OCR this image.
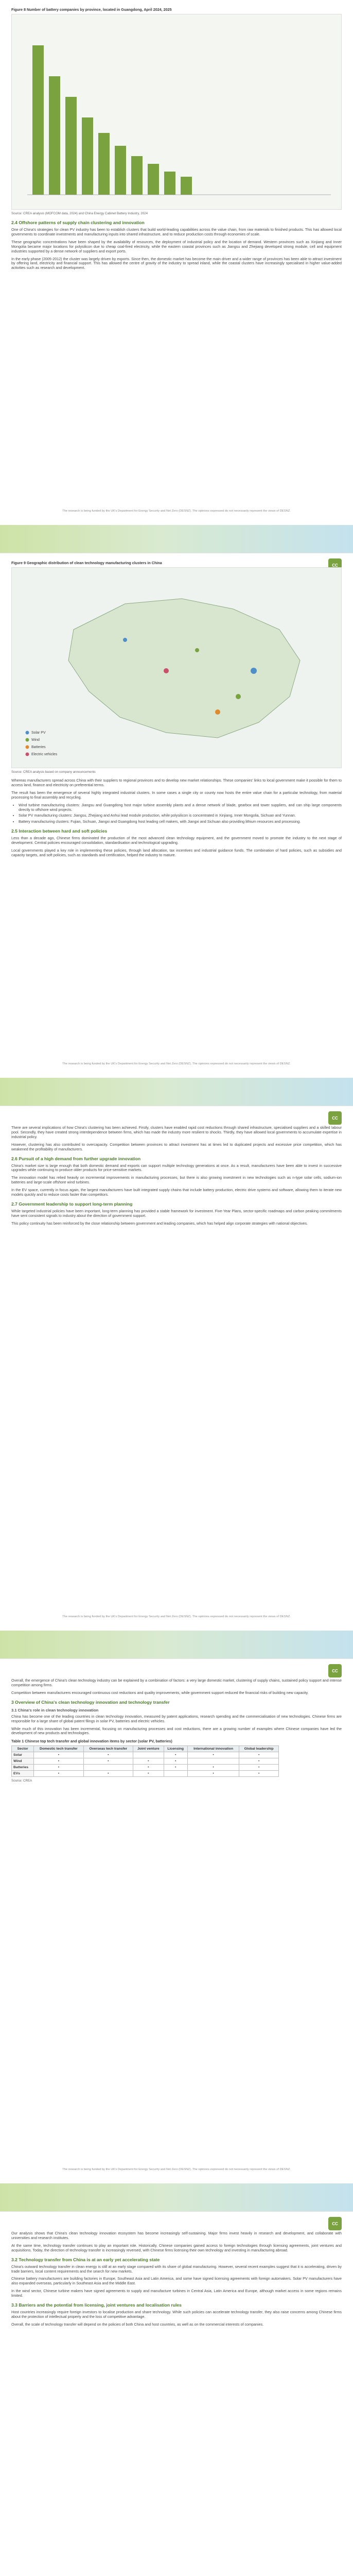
Figure 8 Number of battery companies by province, located in Guangdong, April 2024, 2025
Source: CREA analysis (MOFCOM data, 2024) and China Energy Cabinet Battery Industry, 2024
2.4 Offshore patterns of supply chain clustering and innovation

One of China's strategies for clean PV industry has been to establish clusters that build world-leading capabilities across the value chain, from raw materials to finished products. This has allowed local governments to coordinate investments and manufacturing inputs into shared infrastructure, and to reduce production costs through economies of scale.

These geographic concentrations have been shaped by the availability of resources, the deployment of industrial policy and the location of demand. Western provinces such as Xinjiang and Inner Mongolia became major locations for polysilicon due to cheap coal-fired electricity, while the eastern coastal provinces such as Jiangsu and Zhejiang developed strong module, cell and equipment industries supported by a dense network of suppliers and export ports.

In the early phase (2005-2012) the cluster was largely driven by exports. Since then, the domestic market has become the main driver and a wider range of provinces has been able to attract investment by offering land, electricity and financial support. This has allowed the centre of gravity of the industry to spread inland, while the coastal clusters have increasingly specialised in higher value-added activities such as research and development.

The research is being funded by the UK's Department for Energy Security and Net Zero (DESNZ). The opinions expressed do not necessarily represent the views of DESNZ.
CC
Figure 9 Geographic distribution of clean technology manufacturing clusters in China
Solar PV
Wind
Batteries
Electric vehicles
Source: CREA analysis based on company announcements

Whereas manufacturers spread across China with their suppliers to regional provinces and to develop new market relationships. These companies' links to local government make it possible for them to access land, finance and electricity on preferential terms.

The result has been the emergence of several highly integrated industrial clusters. In some cases a single city or county now hosts the entire value chain for a particular technology, from material processing to final assembly and recycling.

• Wind turbine manufacturing clusters: Jiangsu and Guangdong host major turbine assembly plants and a dense network of blade, gearbox and tower suppliers, and can ship large components directly to offshore wind projects.
• Solar PV manufacturing clusters: Jiangsu, Zhejiang and Anhui lead module production, while polysilicon is concentrated in Xinjiang, Inner Mongolia, Sichuan and Yunnan.
• Battery manufacturing clusters: Fujian, Sichuan, Jiangxi and Guangdong host leading cell makers, with Jiangxi and Sichuan also providing lithium resources and processing.
2.5 Interaction between hard and soft policies

Less than a decade ago, Chinese firms dominated the production of the most advanced clean technology equipment, and the government moved to promote the industry to the next stage of development. Central policies encouraged consolidation, standardisation and technological upgrading.

Local governments played a key role in implementing these policies, through land allocation, tax incentives and industrial guidance funds. The combination of hard policies, such as subsidies and capacity targets, and soft policies, such as standards and certification, helped the industry to mature.

The research is being funded by the UK's Department for Energy Security and Net Zero (DESNZ). The opinions expressed do not necessarily represent the views of DESNZ.
CC

There are several implications of how China's clustering has been achieved. Firstly, clusters have enabled rapid cost reductions through shared infrastructure, specialised suppliers and a skilled labour pool. Secondly, they have created strong interdependence between firms, which has made the industry more resilient to shocks. Thirdly, they have allowed local governments to accumulate expertise in industrial policy.

However, clustering has also contributed to overcapacity. Competition between provinces to attract investment has at times led to duplicated projects and excessive price competition, which has weakened the profitability of manufacturers.

2.6 Pursuit of a high demand from further upgrade innovation

China's market size is large enough that both domestic demand and exports can support multiple technology generations at once. As a result, manufacturers have been able to invest in successive upgrades while continuing to produce older products for price-sensitive markets.

The innovation model has relied heavily on incremental improvements in manufacturing processes, but there is also growing investment in new technologies such as n-type solar cells, sodium-ion batteries and large-scale offshore wind turbines.

In the EV space, currently in focus again, the largest manufacturers have built integrated supply chains that include battery production, electric drive systems and software, allowing them to iterate new models quickly and to reduce costs faster than competitors.

2.7 Government leadership to support long-term planning

While targeted industrial policies have been important, long-term planning has provided a stable framework for investment. Five-Year Plans, sector-specific roadmaps and carbon peaking commitments have sent consistent signals to industry about the direction of government support.

This policy continuity has been reinforced by the close relationship between government and leading companies, which has helped align corporate strategies with national objectives.

The research is being funded by the UK's Department for Energy Security and Net Zero (DESNZ). The opinions expressed do not necessarily represent the views of DESNZ.
CC

Overall, the emergence of China's clean technology industry can be explained by a combination of factors: a very large domestic market, clustering of supply chains, sustained policy support and intense competition among firms.

Competition between manufacturers encouraged continuous cost reductions and quality improvements, while government support reduced the financial risks of building new capacity.

3 Overview of China's clean technology innovation and technology transfer
3.1 China's role in clean technology innovation

China has become one of the leading countries in clean technology innovation, measured by patent applications, research spending and the commercialisation of new technologies. Chinese firms are responsible for a large share of global patent filings in solar PV, batteries and electric vehicles.

While much of this innovation has been incremental, focusing on manufacturing processes and cost reductions, there are a growing number of examples where Chinese companies have led the development of new products and technologies.

Table 1 Chinese top tech transfer and global innovation items by sector (solar PV, batteries)
Sector	Domestic tech transfer	Overseas tech transfer	Joint venture	Licensing	International innovation	Global leadership
Solar	•	•		•	•	•
Wind	•	•	•	•		•
Batteries	•		•	•	•	•
EVs	•	•	•		•	•
Source: CREA
The research is being funded by the UK's Department for Energy Security and Net Zero (DESNZ). The opinions expressed do not necessarily represent the views of DESNZ.
CC

Our analysis shows that China's clean technology innovation ecosystem has become increasingly self-sustaining. Major firms invest heavily in research and development, and collaborate with universities and research institutes.

At the same time, technology transfer continues to play an important role. Historically, Chinese companies gained access to foreign technologies through licensing agreements, joint ventures and acquisitions. Today, the direction of technology transfer is increasingly reversed, with Chinese firms licensing their own technology and investing in manufacturing abroad.

3.2 Technology transfer from China is at an early yet accelerating state

China's outward technology transfer in clean energy is still at an early stage compared with its share of global manufacturing. However, several recent examples suggest that it is accelerating, driven by trade barriers, local content requirements and the search for new markets.

Chinese battery manufacturers are building factories in Europe, Southeast Asia and Latin America, and some have signed licensing agreements with foreign automakers. Solar PV manufacturers have also expanded overseas, particularly in Southeast Asia and the Middle East.

In the wind sector, Chinese turbine makers have signed agreements to supply and manufacture turbines in Central Asia, Latin America and Europe, although market access in some regions remains limited.

3.3 Barriers and the potential from licensing, joint ventures and localisation rules

Host countries increasingly require foreign investors to localise production and share technology. While such policies can accelerate technology transfer, they also raise concerns among Chinese firms about the protection of intellectual property and the loss of competitive advantage.

Overall, the scale of technology transfer will depend on the policies of both China and host countries, as well as on the commercial interests of companies.
